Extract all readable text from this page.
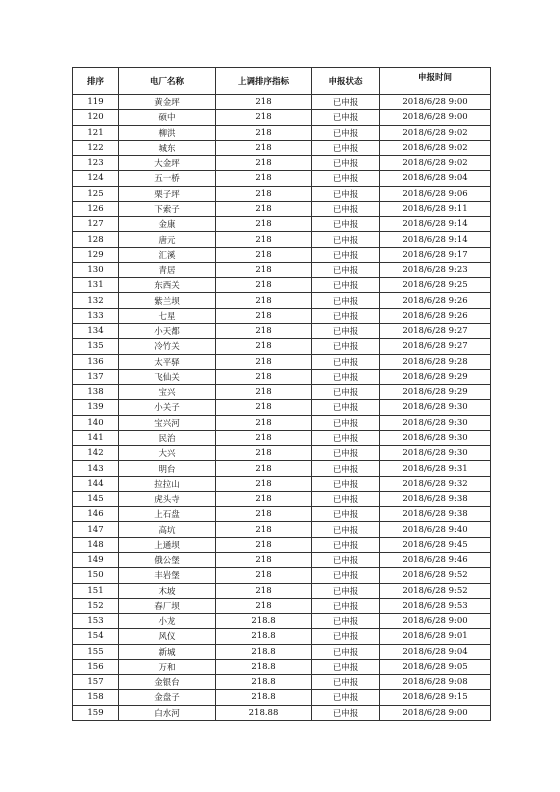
排序	电厂名称	上调排序指标	申报状态	申报时间
119	黄金坪	218	已申报	2018/6/28 9:00
120	硕中	218	已申报	2018/6/28 9:00
121	柳洪	218	已申报	2018/6/28 9:02
122	城东	218	已申报	2018/6/28 9:02
123	大金坪	218	已申报	2018/6/28 9:02
124	五一桥	218	已申报	2018/6/28 9:04
125	栗子坪	218	已申报	2018/6/28 9:06
126	下索子	218	已申报	2018/6/28 9:11
127	金康	218	已申报	2018/6/28 9:14
128	唐元	218	已申报	2018/6/28 9:14
129	汇溪	218	已申报	2018/6/28 9:17
130	青居	218	已申报	2018/6/28 9:23
131	东西关	218	已申报	2018/6/28 9:25
132	紫兰坝	218	已申报	2018/6/28 9:26
133	七星	218	已申报	2018/6/28 9:26
134	小天都	218	已申报	2018/6/28 9:27
135	冷竹关	218	已申报	2018/6/28 9:27
136	太平驿	218	已申报	2018/6/28 9:28
137	飞仙关	218	已申报	2018/6/28 9:29
138	宝兴	218	已申报	2018/6/28 9:29
139	小关子	218	已申报	2018/6/28 9:30
140	宝兴河	218	已申报	2018/6/28 9:30
141	民治	218	已申报	2018/6/28 9:30
142	大兴	218	已申报	2018/6/28 9:30
143	明台	218	已申报	2018/6/28 9:31
144	拉拉山	218	已申报	2018/6/28 9:32
145	虎头寺	218	已申报	2018/6/28 9:38
146	上石盘	218	已申报	2018/6/28 9:38
147	高坑	218	已申报	2018/6/28 9:40
148	上通坝	218	已申报	2018/6/28 9:45
149	俄公堡	218	已申报	2018/6/28 9:46
150	丰岩堡	218	已申报	2018/6/28 9:52
151	木坡	218	已申报	2018/6/28 9:52
152	春厂坝	218	已申报	2018/6/28 9:53
153	小龙	218.8	已申报	2018/6/28 9:00
154	风仪	218.8	已申报	2018/6/28 9:01
155	新城	218.8	已申报	2018/6/28 9:04
156	万和	218.8	已申报	2018/6/28 9:05
157	金银台	218.8	已申报	2018/6/28 9:08
158	金盘子	218.8	已申报	2018/6/28 9:15
159	白水河	218.88	已申报	2018/6/28 9:00
